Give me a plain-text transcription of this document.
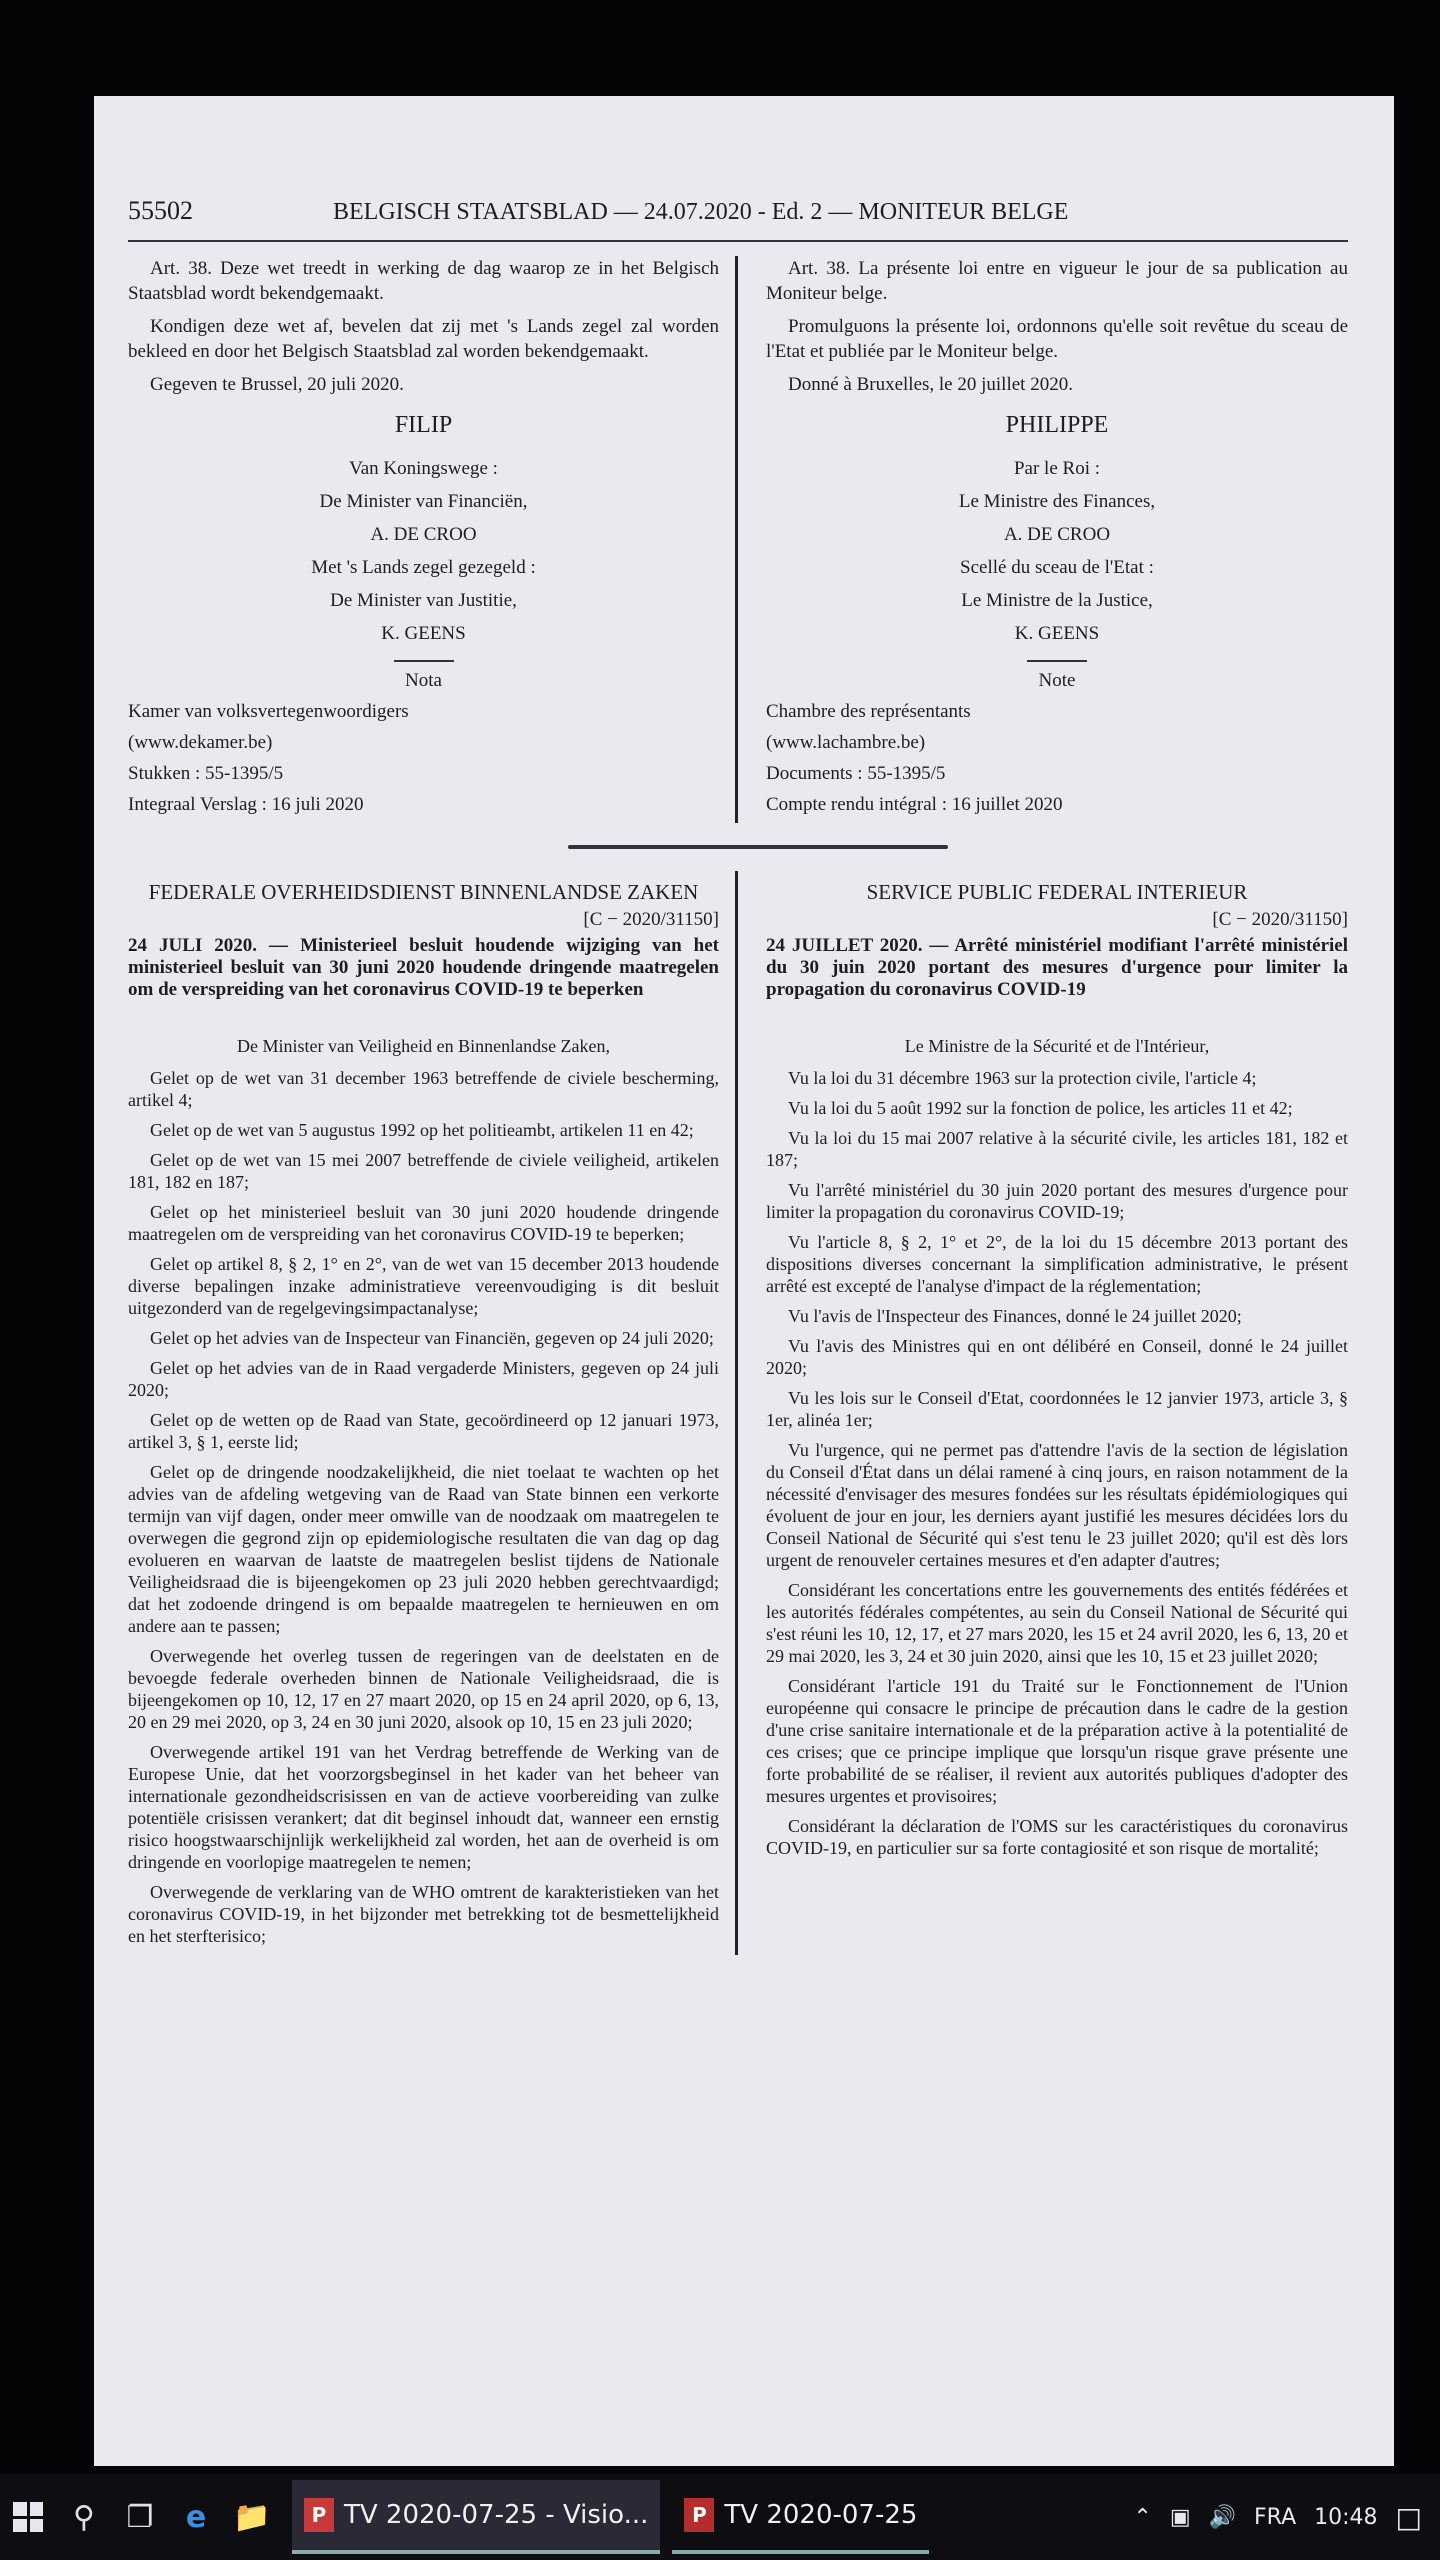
55502	BELGISCH STAATSBLAD — 24.07.2020 - Ed. 2 — MONITEUR BELGE

Art. 38. Deze wet treedt in werking de dag waarop ze in het Belgisch Staatsblad wordt bekendgemaakt.

Kondigen deze wet af, bevelen dat zij met 's Lands zegel zal worden bekleed en door het Belgisch Staatsblad zal worden bekendgemaakt.

Gegeven te Brussel, 20 juli 2020.

FILIP
Van Koningswege :
De Minister van Financiën,
A. DE CROO
Met 's Lands zegel gezegeld :
De Minister van Justitie,
K. GEENS
Nota
Kamer van volksvertegenwoordigers
(www.dekamer.be)
Stukken : 55-1395/5
Integraal Verslag : 16 juli 2020

Art. 38. La présente loi entre en vigueur le jour de sa publication au Moniteur belge.

Promulguons la présente loi, ordonnons qu'elle soit revêtue du sceau de l'Etat et publiée par le Moniteur belge.

Donné à Bruxelles, le 20 juillet 2020.

PHILIPPE
Par le Roi :
Le Ministre des Finances,
A. DE CROO
Scellé du sceau de l'Etat :
Le Ministre de la Justice,
K. GEENS
Note
Chambre des représentants
(www.lachambre.be)
Documents : 55-1395/5
Compte rendu intégral : 16 juillet 2020
FEDERALE OVERHEIDSDIENST BINNENLANDSE ZAKEN
[C − 2020/31150]
24 JULI 2020. — Ministerieel besluit houdende wijziging van het ministerieel besluit van 30 juni 2020 houdende dringende maatregelen om de verspreiding van het coronavirus COVID-19 te beperken
De Minister van Veiligheid en Binnenlandse Zaken,

Gelet op de wet van 31 december 1963 betreffende de civiele bescherming, artikel 4;

Gelet op de wet van 5 augustus 1992 op het politieambt, artikelen 11 en 42;

Gelet op de wet van 15 mei 2007 betreffende de civiele veiligheid, artikelen 181, 182 en 187;

Gelet op het ministerieel besluit van 30 juni 2020 houdende dringende maatregelen om de verspreiding van het coronavirus COVID-19 te beperken;

Gelet op artikel 8, § 2, 1° en 2°, van de wet van 15 december 2013 houdende diverse bepalingen inzake administratieve vereenvoudiging is dit besluit uitgezonderd van de regelgevingsimpactanalyse;

Gelet op het advies van de Inspecteur van Financiën, gegeven op 24 juli 2020;

Gelet op het advies van de in Raad vergaderde Ministers, gegeven op 24 juli 2020;

Gelet op de wetten op de Raad van State, gecoördineerd op 12 januari 1973, artikel 3, § 1, eerste lid;

Gelet op de dringende noodzakelijkheid, die niet toelaat te wachten op het advies van de afdeling wetgeving van de Raad van State binnen een verkorte termijn van vijf dagen, onder meer omwille van de noodzaak om maatregelen te overwegen die gegrond zijn op epidemiologische resultaten die van dag op dag evolueren en waarvan de laatste de maatregelen beslist tijdens de Nationale Veiligheidsraad die is bijeengekomen op 23 juli 2020 hebben gerechtvaardigd; dat het zodoende dringend is om bepaalde maatregelen te hernieuwen en om andere aan te passen;

Overwegende het overleg tussen de regeringen van de deelstaten en de bevoegde federale overheden binnen de Nationale Veiligheidsraad, die is bijeengekomen op 10, 12, 17 en 27 maart 2020, op 15 en 24 april 2020, op 6, 13, 20 en 29 mei 2020, op 3, 24 en 30 juni 2020, alsook op 10, 15 en 23 juli 2020;

Overwegende artikel 191 van het Verdrag betreffende de Werking van de Europese Unie, dat het voorzorgsbeginsel in het kader van het beheer van internationale gezondheidscrisissen en van de actieve voorbereiding van zulke potentiële crisissen verankert; dat dit beginsel inhoudt dat, wanneer een ernstig risico hoogstwaarschijnlijk werkelijkheid zal worden, het aan de overheid is om dringende en voorlopige maatregelen te nemen;

Overwegende de verklaring van de WHO omtrent de karakteristieken van het coronavirus COVID-19, in het bijzonder met betrekking tot de besmettelijkheid en het sterfterisico;

SERVICE PUBLIC FEDERAL INTERIEUR
[C − 2020/31150]
24 JUILLET 2020. — Arrêté ministériel modifiant l'arrêté ministériel du 30 juin 2020 portant des mesures d'urgence pour limiter la propagation du coronavirus COVID-19
Le Ministre de la Sécurité et de l'Intérieur,

Vu la loi du 31 décembre 1963 sur la protection civile, l'article 4;

Vu la loi du 5 août 1992 sur la fonction de police, les articles 11 et 42;

Vu la loi du 15 mai 2007 relative à la sécurité civile, les articles 181, 182 et 187;

Vu l'arrêté ministériel du 30 juin 2020 portant des mesures d'urgence pour limiter la propagation du coronavirus COVID-19;

Vu l'article 8, § 2, 1° et 2°, de la loi du 15 décembre 2013 portant des dispositions diverses concernant la simplification administrative, le présent arrêté est excepté de l'analyse d'impact de la réglementation;

Vu l'avis de l'Inspecteur des Finances, donné le 24 juillet 2020;

Vu l'avis des Ministres qui en ont délibéré en Conseil, donné le 24 juillet 2020;

Vu les lois sur le Conseil d'Etat, coordonnées le 12 janvier 1973, article 3, § 1er, alinéa 1er;

Vu l'urgence, qui ne permet pas d'attendre l'avis de la section de législation du Conseil d'État dans un délai ramené à cinq jours, en raison notamment de la nécessité d'envisager des mesures fondées sur les résultats épidémiologiques qui évoluent de jour en jour, les derniers ayant justifié les mesures décidées lors du Conseil National de Sécurité qui s'est tenu le 23 juillet 2020; qu'il est dès lors urgent de renouveler certaines mesures et d'en adapter d'autres;

Considérant les concertations entre les gouvernements des entités fédérées et les autorités fédérales compétentes, au sein du Conseil National de Sécurité qui s'est réuni les 10, 12, 17, et 27 mars 2020, les 15 et 24 avril 2020, les 6, 13, 20 et 29 mai 2020, les 3, 24 et 30 juin 2020, ainsi que les 10, 15 et 23 juillet 2020;

Considérant l'article 191 du Traité sur le Fonctionnement de l'Union européenne qui consacre le principe de précaution dans le cadre de la gestion d'une crise sanitaire internationale et de la préparation active à la potentialité de ces crises; que ce principe implique que lorsqu'un risque grave présente une forte probabilité de se réaliser, il revient aux autorités publiques d'adopter des mesures urgentes et provisoires;

Considérant la déclaration de l'OMS sur les caractéristiques du coronavirus COVID-19, en particulier sur sa forte contagiosité et son risque de mortalité;

⚲	❐	e 📁	P TV 2020-07-25 - Visio...	P TV 2020-07-25	⌃ ▣ 🔊 FRA 10:48 □
